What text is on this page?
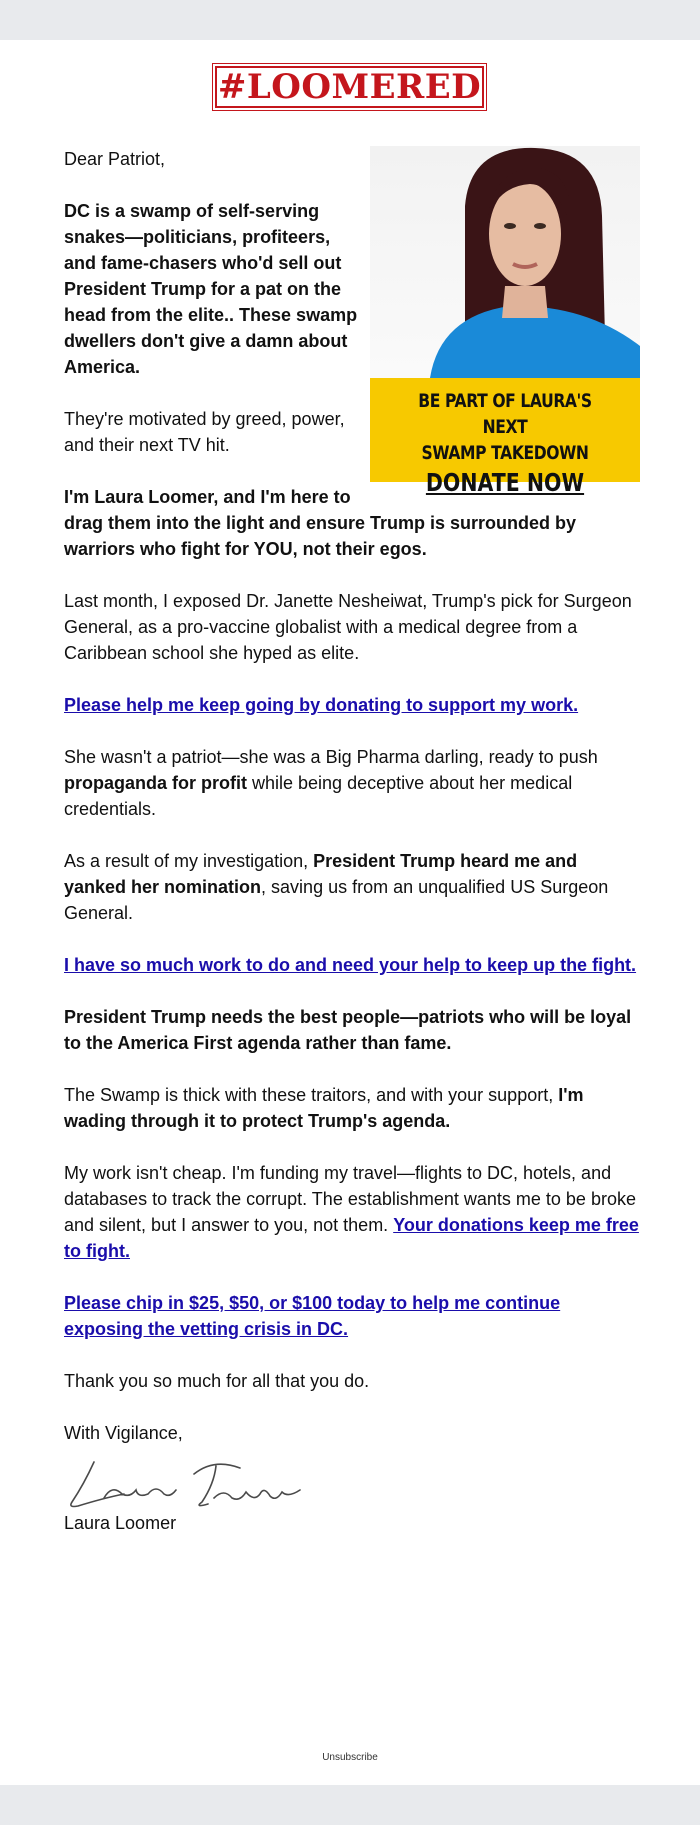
#LOOMERED
BE PART OF LAURA'S NEXT
SWAMP TAKEDOWN
DONATE NOW

Dear Patriot,

DC is a swamp of self-serving snakes—politicians, profiteers, and fame-chasers who'd sell out President Trump for a pat on the head from the elite.. These swamp dwellers don't give a damn about America.

They're motivated by greed, power, and their next TV hit.

I'm Laura Loomer, and I'm here to drag them into the light and ensure Trump is surrounded by warriors who fight for YOU, not their egos.

Last month, I exposed Dr. Janette Nesheiwat, Trump's pick for Surgeon General, as a pro-vaccine globalist with a medical degree from a Caribbean school she hyped as elite.

Please help me keep going by donating to support my work.

She wasn't a patriot—she was a Big Pharma darling, ready to push propaganda for profit while being deceptive about her medical credentials.

As a result of my investigation, President Trump heard me and yanked her nomination, saving us from an unqualified US Surgeon General.

I have so much work to do and need your help to keep up the fight.

President Trump needs the best people—patriots who will be loyal to the America First agenda rather than fame.

The Swamp is thick with these traitors, and with your support, I'm wading through it to protect Trump's agenda.

My work isn't cheap. I'm funding my travel—flights to DC, hotels, and databases to track the corrupt. The establishment wants me to be broke and silent, but I answer to you, not them. Your donations keep me free to fight.

Please chip in $25, $50, or $100 today to help me continue exposing the vetting crisis in DC.

Thank you so much for all that you do.

With Vigilance,
Laura Loomer
Unsubscribe
